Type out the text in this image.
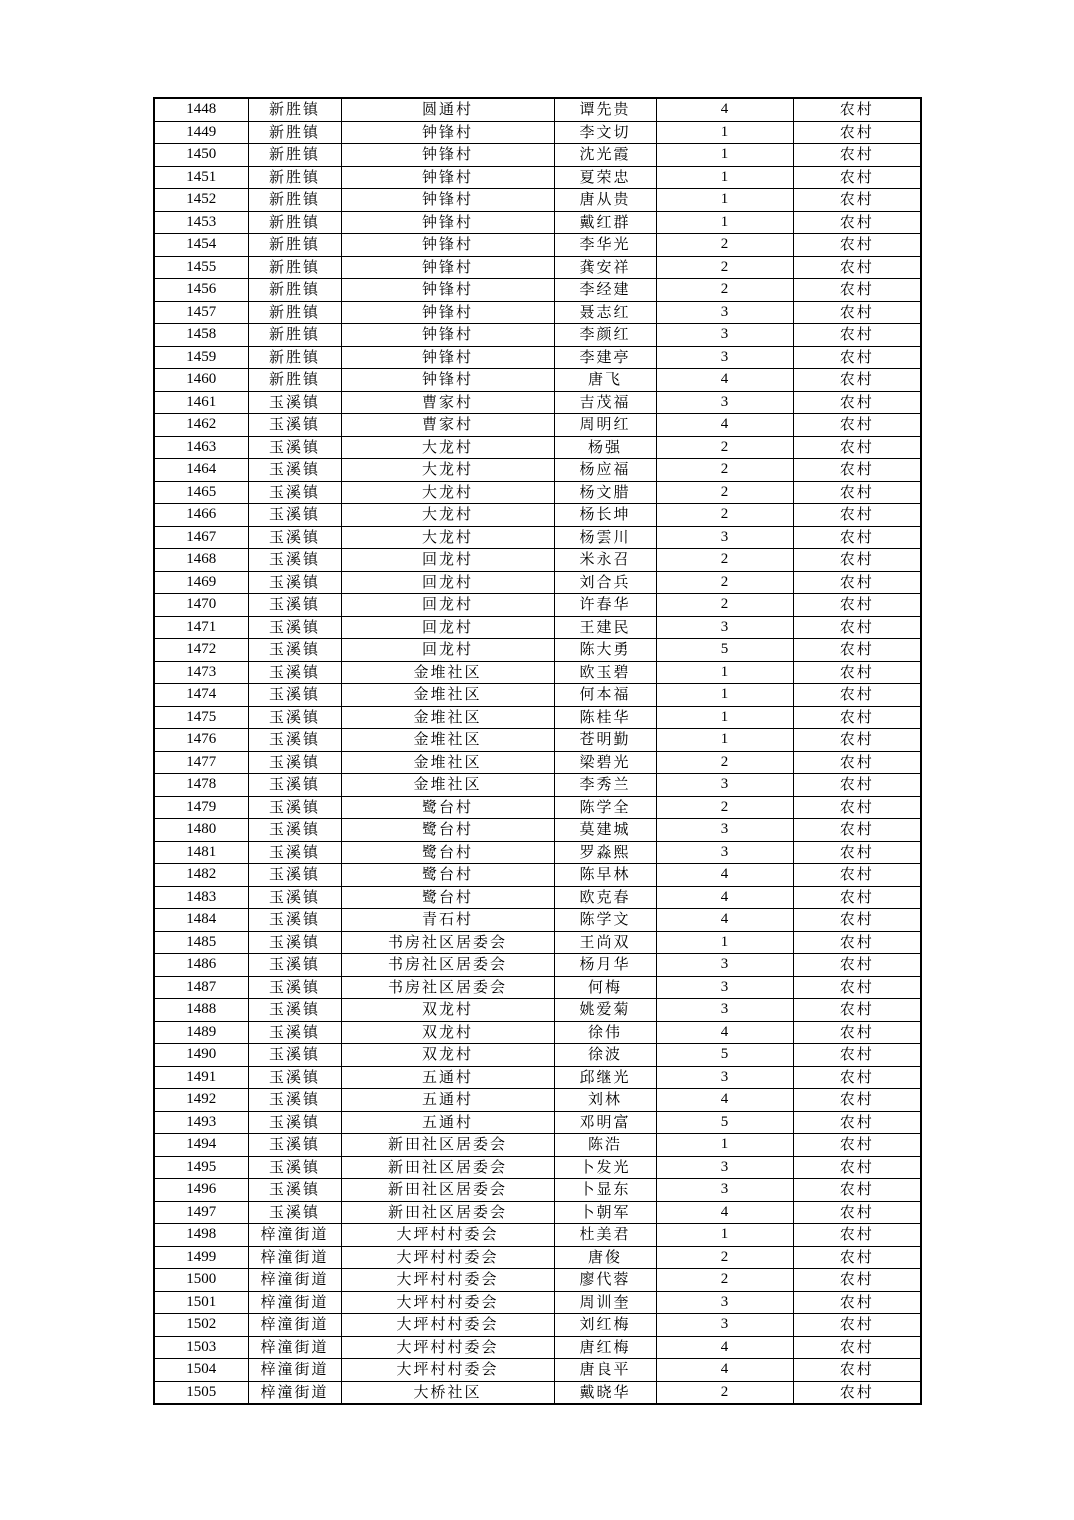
1448	新胜镇	圆通村	谭先贵	4	农村
1449	新胜镇	钟锋村	李文切	1	农村
1450	新胜镇	钟锋村	沈光霞	1	农村
1451	新胜镇	钟锋村	夏荣忠	1	农村
1452	新胜镇	钟锋村	唐从贵	1	农村
1453	新胜镇	钟锋村	戴红群	1	农村
1454	新胜镇	钟锋村	李华光	2	农村
1455	新胜镇	钟锋村	龚安祥	2	农村
1456	新胜镇	钟锋村	李经建	2	农村
1457	新胜镇	钟锋村	聂志红	3	农村
1458	新胜镇	钟锋村	李颜红	3	农村
1459	新胜镇	钟锋村	李建亭	3	农村
1460	新胜镇	钟锋村	唐飞	4	农村
1461	玉溪镇	曹家村	吉茂福	3	农村
1462	玉溪镇	曹家村	周明红	4	农村
1463	玉溪镇	大龙村	杨强	2	农村
1464	玉溪镇	大龙村	杨应福	2	农村
1465	玉溪镇	大龙村	杨文腊	2	农村
1466	玉溪镇	大龙村	杨长坤	2	农村
1467	玉溪镇	大龙村	杨雲川	3	农村
1468	玉溪镇	回龙村	米永召	2	农村
1469	玉溪镇	回龙村	刘合兵	2	农村
1470	玉溪镇	回龙村	许春华	2	农村
1471	玉溪镇	回龙村	王建民	3	农村
1472	玉溪镇	回龙村	陈大勇	5	农村
1473	玉溪镇	金堆社区	欧玉碧	1	农村
1474	玉溪镇	金堆社区	何本福	1	农村
1475	玉溪镇	金堆社区	陈桂华	1	农村
1476	玉溪镇	金堆社区	苍明勤	1	农村
1477	玉溪镇	金堆社区	梁碧光	2	农村
1478	玉溪镇	金堆社区	李秀兰	3	农村
1479	玉溪镇	鹭台村	陈学全	2	农村
1480	玉溪镇	鹭台村	莫建城	3	农村
1481	玉溪镇	鹭台村	罗淼熙	3	农村
1482	玉溪镇	鹭台村	陈早林	4	农村
1483	玉溪镇	鹭台村	欧克春	4	农村
1484	玉溪镇	青石村	陈学文	4	农村
1485	玉溪镇	书房社区居委会	王尚双	1	农村
1486	玉溪镇	书房社区居委会	杨月华	3	农村
1487	玉溪镇	书房社区居委会	何梅	3	农村
1488	玉溪镇	双龙村	姚爱菊	3	农村
1489	玉溪镇	双龙村	徐伟	4	农村
1490	玉溪镇	双龙村	徐波	5	农村
1491	玉溪镇	五通村	邱继光	3	农村
1492	玉溪镇	五通村	刘林	4	农村
1493	玉溪镇	五通村	邓明富	5	农村
1494	玉溪镇	新田社区居委会	陈浩	1	农村
1495	玉溪镇	新田社区居委会	卜发光	3	农村
1496	玉溪镇	新田社区居委会	卜显东	3	农村
1497	玉溪镇	新田社区居委会	卜朝军	4	农村
1498	梓潼街道	大坪村村委会	杜美君	1	农村
1499	梓潼街道	大坪村村委会	唐俊	2	农村
1500	梓潼街道	大坪村村委会	廖代蓉	2	农村
1501	梓潼街道	大坪村村委会	周训奎	3	农村
1502	梓潼街道	大坪村村委会	刘红梅	3	农村
1503	梓潼街道	大坪村村委会	唐红梅	4	农村
1504	梓潼街道	大坪村村委会	唐良平	4	农村
1505	梓潼街道	大桥社区	戴晓华	2	农村
